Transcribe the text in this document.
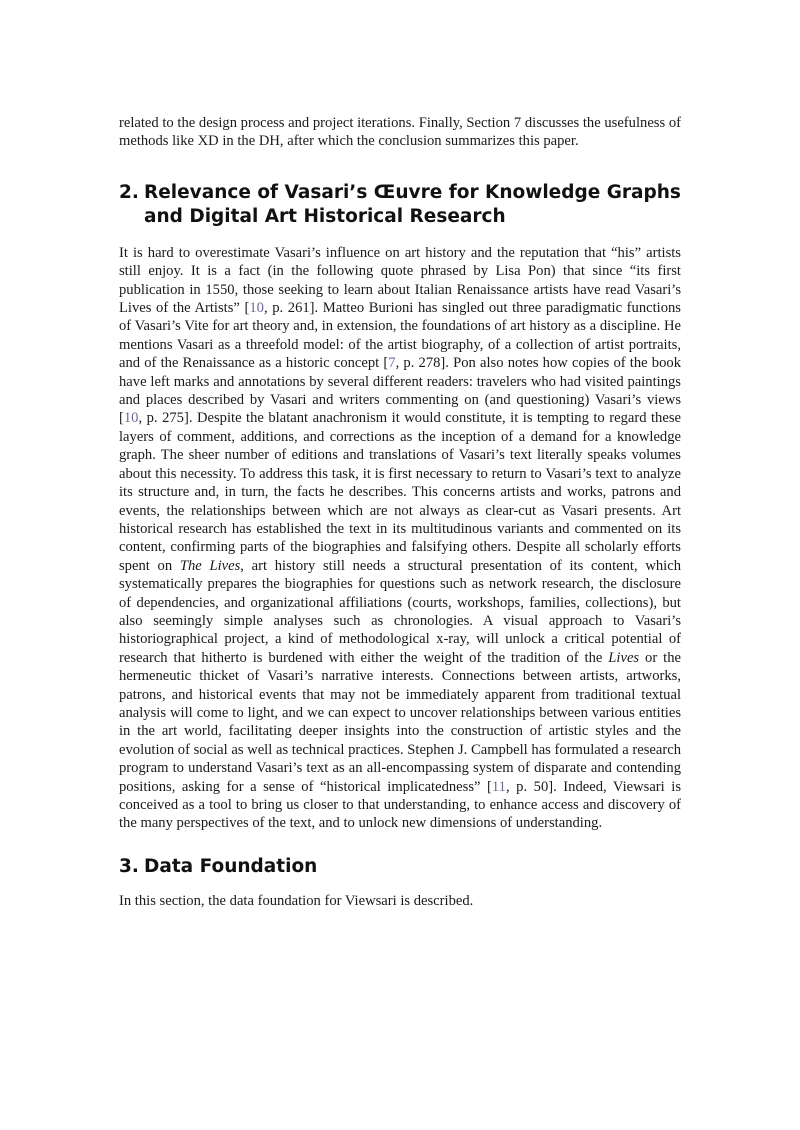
related to the design process and project iterations. Finally, Section 7 discusses the usefulness of methods like XD in the DH, after which the conclusion summarizes this paper.

2. Relevance of Vasari’s Œuvre for Knowledge Graphs and Digital Art Historical Research

It is hard to overestimate Vasari’s influence on art history and the reputation that “his” artists still enjoy. It is a fact (in the following quote phrased by Lisa Pon) that since “its first publication in 1550, those seeking to learn about Italian Renaissance artists have read Vasari’s Lives of the Artists” [10, p. 261]. Matteo Burioni has singled out three paradigmatic functions of Vasari’s Vite for art theory and, in extension, the foundations of art history as a discipline. He mentions Vasari as a threefold model: of the artist biography, of a collection of artist portraits, and of the Renaissance as a historic concept [7, p. 278]. Pon also notes how copies of the book have left marks and annotations by several different readers: travelers who had visited paintings and places described by Vasari and writers commenting on (and questioning) Vasari’s views [10, p. 275]. Despite the blatant anachronism it would constitute, it is tempting to regard these layers of comment, additions, and corrections as the inception of a demand for a knowledge graph. The sheer number of editions and translations of Vasari’s text literally speaks volumes about this necessity. To address this task, it is first necessary to return to Vasari’s text to analyze its structure and, in turn, the facts he describes. This concerns artists and works, patrons and events, the relationships between which are not always as clear-cut as Vasari presents. Art historical research has established the text in its multitudinous variants and commented on its content, confirming parts of the biographies and falsifying others. Despite all scholarly efforts spent on The Lives, art history still needs a structural presentation of its content, which systematically prepares the biographies for questions such as network research, the disclosure of dependencies, and organizational affiliations (courts, workshops, families, collections), but also seemingly simple analyses such as chronologies. A visual approach to Vasari’s historiographical project, a kind of methodological x-ray, will unlock a critical potential of research that hitherto is burdened with either the weight of the tradition of the Lives or the hermeneutic thicket of Vasari’s narrative interests. Connections between artists, artworks, patrons, and historical events that may not be immediately apparent from traditional textual analysis will come to light, and we can expect to uncover relationships between various entities in the art world, facilitating deeper insights into the construction of artistic styles and the evolution of social as well as technical practices. Stephen J. Campbell has formulated a research program to understand Vasari’s text as an all-encompassing system of disparate and contending positions, asking for a sense of “historical implicatedness” [11, p. 50]. Indeed, Viewsari is conceived as a tool to bring us closer to that understanding, to enhance access and discovery of the many perspectives of the text, and to unlock new dimensions of understanding.

3. Data Foundation

In this section, the data foundation for Viewsari is described.
